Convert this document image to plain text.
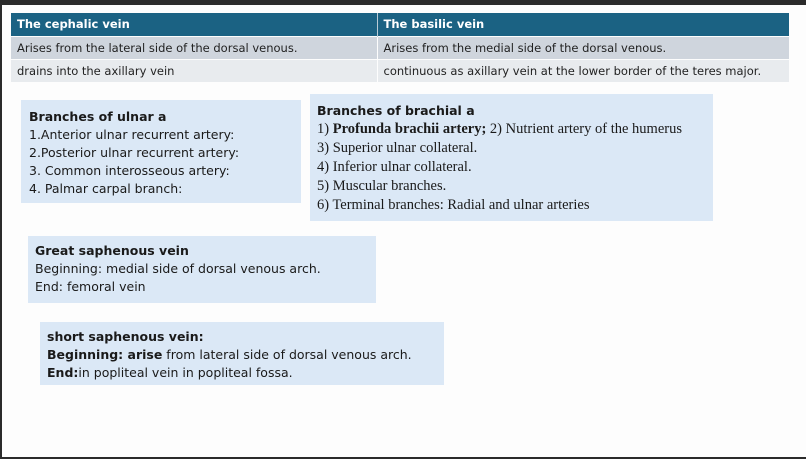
The cephalic vein	The basilic vein
Arises from the lateral side of the dorsal venous.	Arises from the medial side of the dorsal venous.
drains into the axillary vein	continuous as axillary vein at the lower border of the teres major.
Branches of ulnar a
1.Anterior ulnar recurrent artery:
2.Posterior ulnar recurrent artery:
3. Common interosseous artery:
4. Palmar carpal branch:
Branches of brachial a
1) Profunda brachii artery; 2) Nutrient artery of the humerus
3) Superior ulnar collateral.
4) Inferior ulnar collateral.
5) Muscular branches.
6) Terminal branches: Radial and ulnar arteries
Great saphenous vein
Beginning: medial side of dorsal venous arch.
End: femoral vein
short saphenous vein:
Beginning: arise from lateral side of dorsal venous arch.
End:in popliteal vein in popliteal fossa.
